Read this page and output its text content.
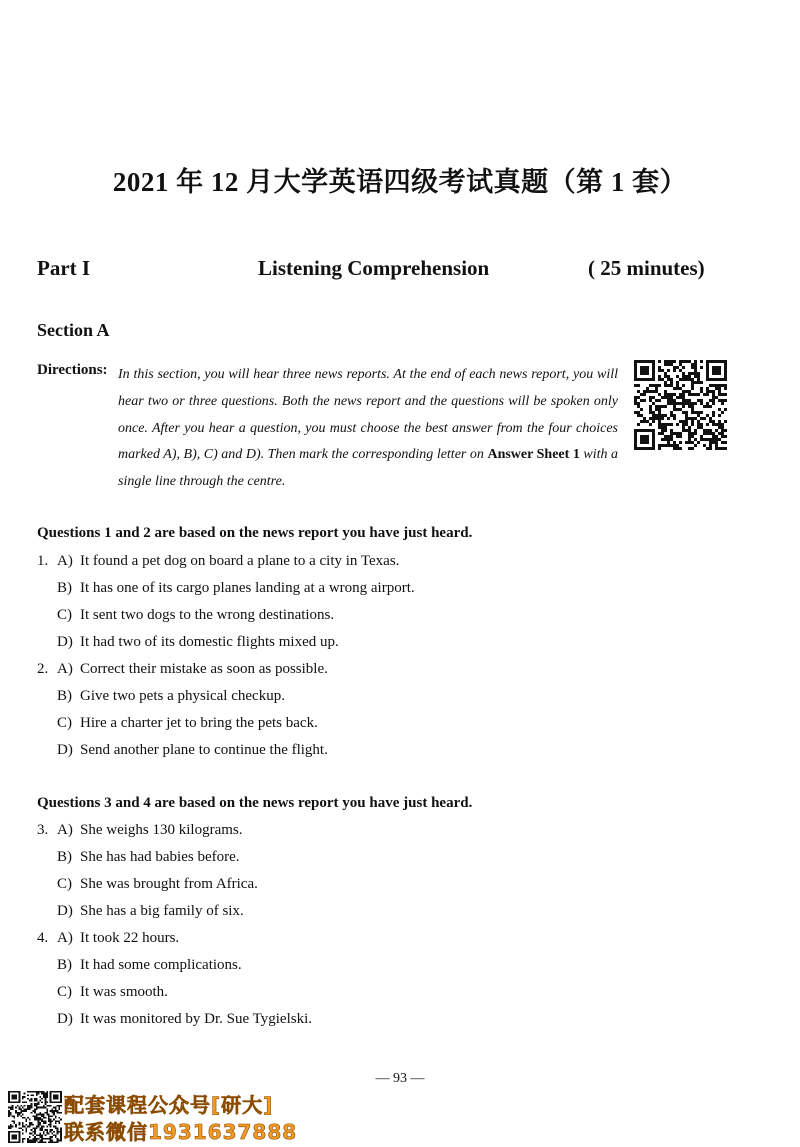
2021 年 12 月大学英语四级考试真题（第 1 套）
Part I	Listening Comprehension	( 25 minutes)
Section A
Directions: In this section, you will hear three news reports. At the end of each news report, you will hear two or three questions. Both the news report and the questions will be spoken only once. After you hear a question, you must choose the best answer from the four choices marked A), B), C) and D). Then mark the corresponding letter on Answer Sheet 1 with a single line through the centre.
Questions 1 and 2 are based on the news report you have just heard.
1. A) It found a pet dog on board a plane to a city in Texas.
B) It has one of its cargo planes landing at a wrong airport.
C) It sent two dogs to the wrong destinations.
D) It had two of its domestic flights mixed up.
2. A) Correct their mistake as soon as possible.
B) Give two pets a physical checkup.
C) Hire a charter jet to bring the pets back.
D) Send another plane to continue the flight.
Questions 3 and 4 are based on the news report you have just heard.
3. A) She weighs 130 kilograms.
B) She has had babies before.
C) She was brought from Africa.
D) She has a big family of six.
4. A) It took 22 hours.
B) It had some complications.
C) It was smooth.
D) It was monitored by Dr. Sue Tygielski.
— 93 —
配套课程公众号[研大]
联系微信1931637888
